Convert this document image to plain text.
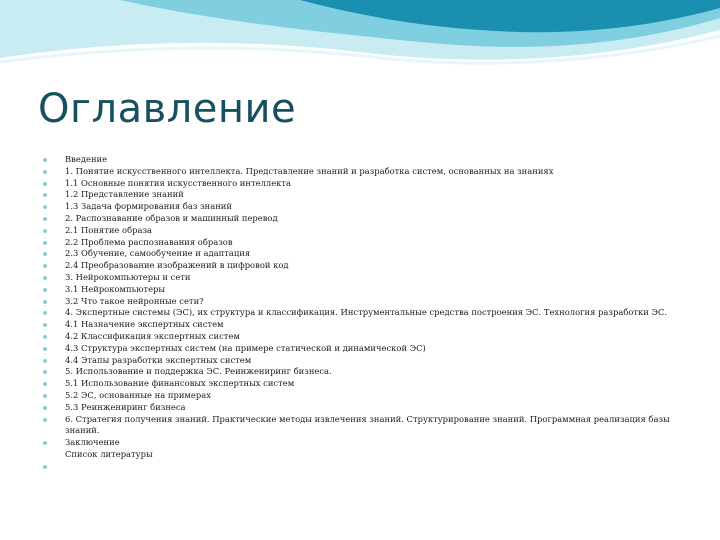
Оглавление
Введение
1. Понятие искусственного интеллекта. Представление знаний и разработка систем, основанных на знаниях
1.1 Основные понятия искусственного интеллекта
1.2 Представление знаний
1.3 Задача формирования баз знаний
2. Распознавание образов и машинный перевод
2.1 Понятие образа
2.2 Проблема распознавания образов
2.3 Обучение, самообучение и адаптация
2.4 Преобразование изображений в цифровой код
3. Нейрокомпьютеры и сети
3.1 Нейрокомпьютеры
3.2 Что такое нейронные сети?
4. Экспертные системы (ЭС), их структура и классификация. Инструментальные средства построения ЭС. Технология разработки ЭС.
4.1 Назначение экспертных систем
4.2 Классификация экспертных систем
4.3 Структура экспертных систем (на примере статической и динамической ЭС)
4.4 Этапы разработки экспертных систем
5. Использование и поддержка ЭС. Реинжениринг бизнеса.
5.1 Использование финансовых экспертных систем
5.2 ЭС, основанные на примерах
5.3 Реинжениринг бизнеса
6. Стратегия получения знаний. Практические методы извлечения знаний. Структурирование знаний. Программная реализация базы знаний.
Заключение
Список литературы
